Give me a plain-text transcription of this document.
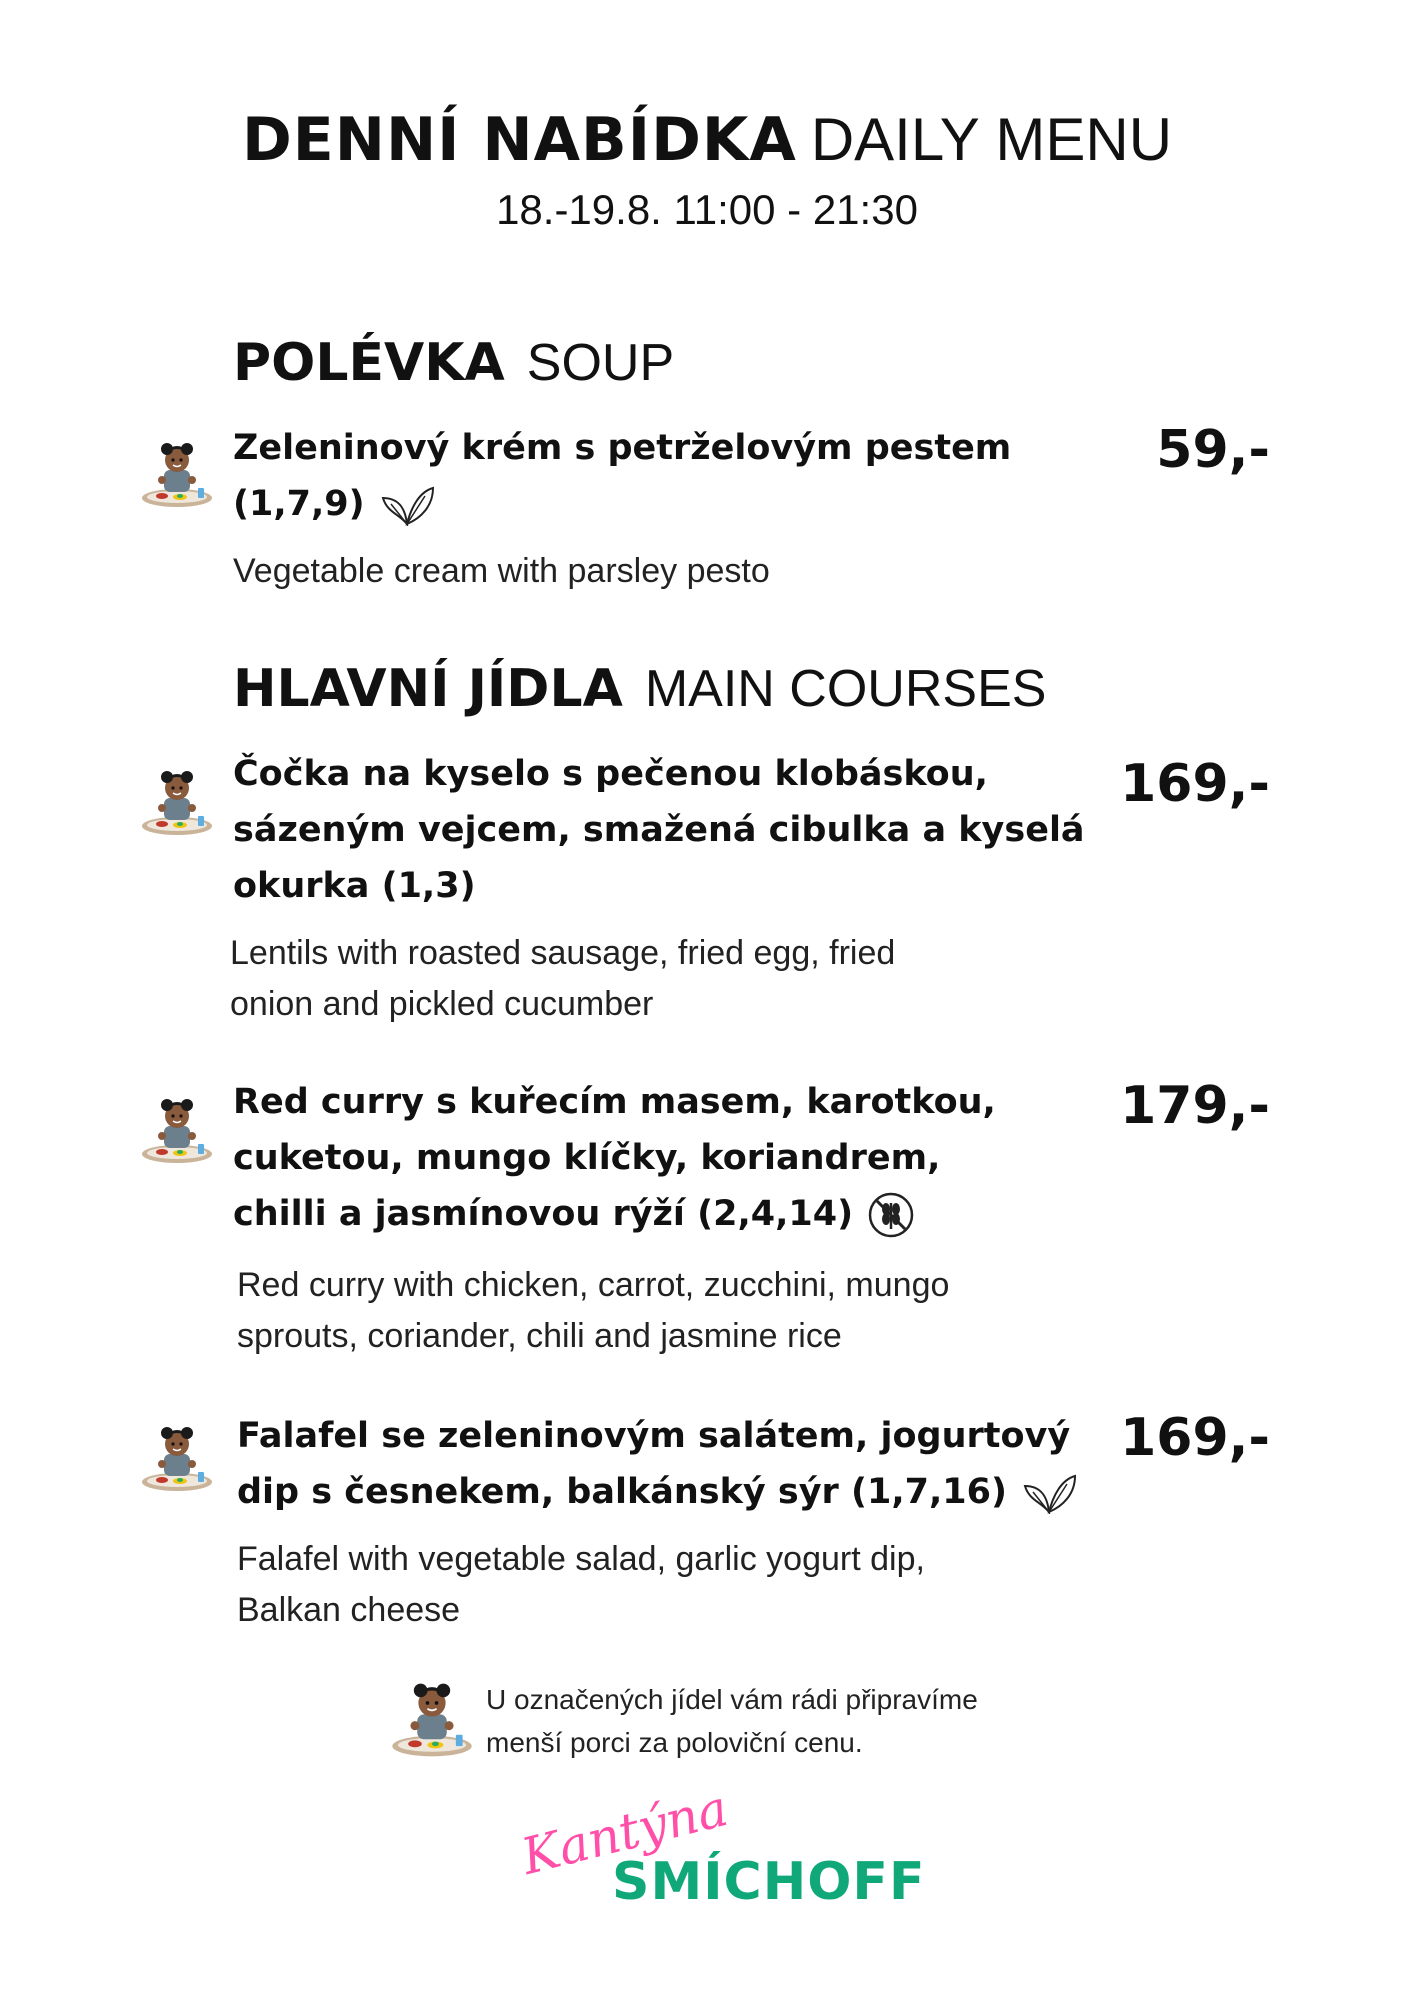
DENNÍ NABÍDKA DAILY MENU
18.-19.8. 11:00 - 21:30
POLÉVKA SOUP
Zeleninový krém s petrželovým pestem
(1,7,9)
Vegetable cream with parsley pesto
59,-
HLAVNÍ JÍDLA MAIN COURSES
Čočka na kyselo s pečenou klobáskou,
sázeným vejcem, smažená cibulka a kyselá
okurka (1,3)
Lentils with roasted sausage, fried egg, fried
onion and pickled cucumber
169,-
Red curry s kuřecím masem, karotkou,
cuketou, mungo klíčky, koriandrem,
chilli a jasmínovou rýží (2,4,14)
Red curry with chicken, carrot, zucchini, mungo
sprouts, coriander, chili and jasmine rice
179,-
Falafel se zeleninovým salátem, jogurtový
dip s česnekem, balkánský sýr (1,7,16)
Falafel with vegetable salad, garlic yogurt dip,
Balkan cheese
169,-
U označených jídel vám rádi připravíme
menší porci za poloviční cenu.
Kantýna
SMÍCHOFF
